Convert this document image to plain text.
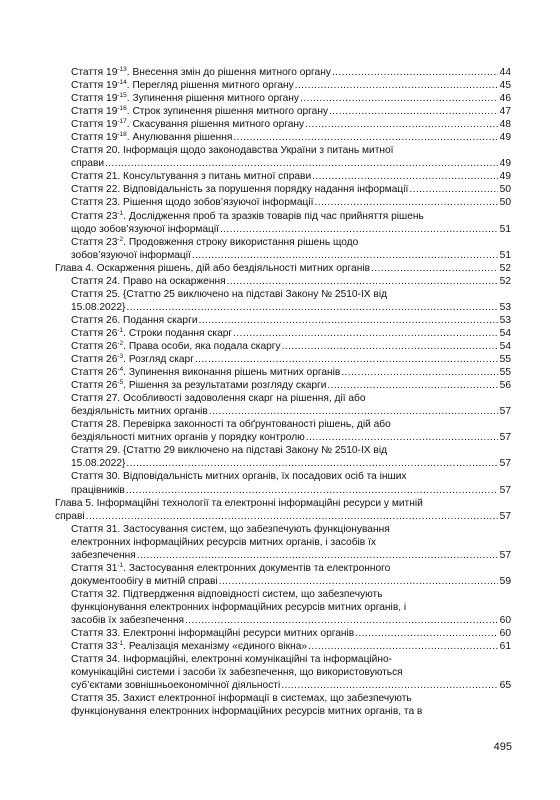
Стаття $19^{-13}$. Внесення змін до рішення митного органу .....	44
Стаття $19^{-14}$. Перегляд рішення митного органу .....	45
Стаття $19^{-15}$. Зупинення рішення митного органу .....	46
Стаття $19^{-16}$. Строк зупинення рішення митного органу .....	47
Стаття $19^{-17}$. Скасування рішення митного органу .....	48
Стаття $19^{-18}$. Анулювання рішення .....	49
Стаття 20. Інформація щодо законодавства України з питань митної
справи .....	49
Стаття 21. Консультування з питань митної справи .....	49
Стаття 22. Відповідальність за порушення порядку надання інформації .....	50
Стаття 23. Рішення щодо зобов’язуючої інформації .....	50
Стаття $23^{-1}$. Дослідження проб та зразків товарів під час прийняття рішень
щодо зобов’язуючої інформації .....	51
Стаття $23^{-2}$. Продовження строку використання рішень щодо
зобов’язуючої інформації .....	51
Глава 4. Оскарження рішень, дій або бездіяльності митних органів .....	52
Стаття 24. Право на оскарження .....	52
Стаття 25. {Статтю 25 виключено на підставі Закону № 2510-IX від
15.08.2022} .....	53
Стаття 26. Подання скарги .....	53
Стаття $26^{-1}$. Строки подання скарг .....	54
Стаття $26^{-2}$. Права особи, яка подала скаргу .....	54
Стаття $26^{-3}$. Розгляд скарг .....	55
Стаття $26^{-4}$. Зупинення виконання рішень митних органів .....	55
Стаття $26^{-5}$. Рішення за результатами розгляду скарги .....	56
Стаття 27. Особливості задоволення скарг на рішення, дії або
бездіяльність митних органів .....	57
Стаття 28. Перевірка законності та обґрунтованості рішень, дій або
бездіяльності митних органів у порядку контролю .....	57
Стаття 29. {Статтю 29 виключено на підставі Закону № 2510-IX від
15.08.2022} .....	57
Стаття 30. Відповідальність митних органів, їх посадових осіб та інших
працівників .....	57
Глава 5. Інформаційні технології та електронні інформаційні ресурси у митній
справі .....	57
Стаття 31. Застосування систем, що забезпечують функціонування
електронних інформаційних ресурсів митних органів, і засобів їх
забезпечення .....	57
Стаття $31^{-1}$. Застосування електронних документів та електронного
документообігу в митній справі .....	59
Стаття 32. Підтвердження відповідності систем, що забезпечують
функціонування електронних інформаційних ресурсів митних органів, і
засобів їх забезпечення .....	60
Стаття 33. Електронні інформаційні ресурси митних органів .....	60
Стаття $33^{-1}$. Реалізація механізму «єдиного вікна» .....	61
Стаття 34. Інформаційні, електронні комунікаційні та інформаційно-
комунікаційні системи і засоби їх забезпечення, що використовуються
суб’єктами зовнішньоекономічної діяльності .....	65
Стаття 35. Захист електронної інформації в системах, що забезпечують
функціонування електронних інформаційних ресурсів митних органів, та в
495
